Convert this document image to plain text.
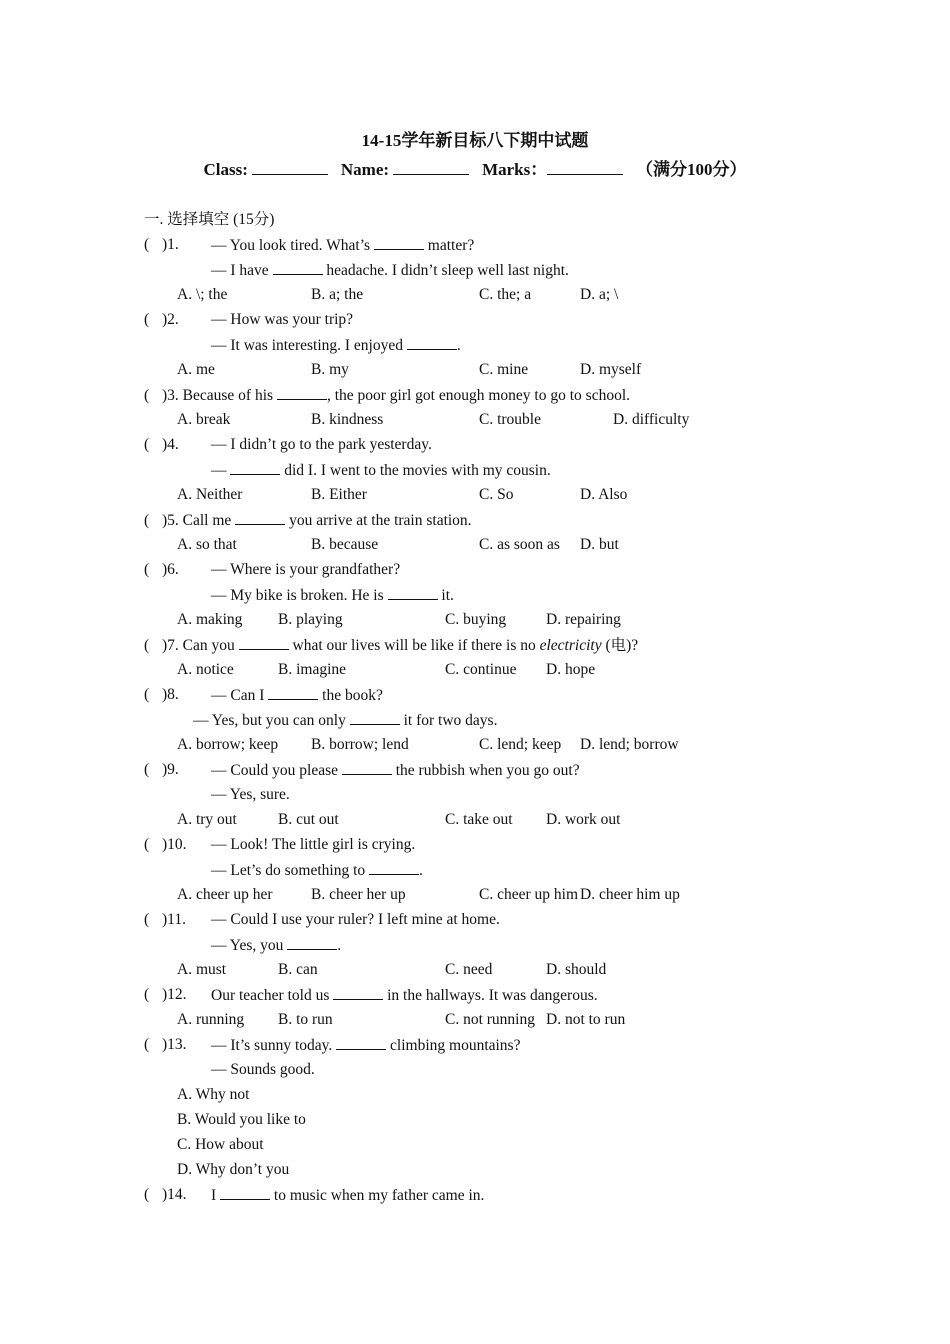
14-15学年新目标八下期中试题
Class:	Name:	Marks：	（满分100分）
一. 选择填空 (15分)
( )1. — You look tired. What’s	matter?
— I have	headache. I didn’t sleep well last night.
A. \; the	B. a; the	C. the; a	D. a; \
( )2. — How was your trip?
— It was interesting. I enjoyed	.
A. me	B. my	C. mine	D. myself
( )3. Because of his	, the poor girl got enough money to go to school.
A. break	B. kindness	C. trouble	D. difficulty
( )4. — I didn’t go to the park yesterday.
—	did I. I went to the movies with my cousin.
A. Neither	B. Either	C. So	D. Also
( )5. Call me	you arrive at the train station.
A. so that	B. because	C. as soon as D. but
( )6. — Where is your grandfather?
— My bike is broken. He is	it.
A. making B. playing	C. buying	D. repairing
( )7. Can you	what our lives will be like if there is no electricity (电)?
A. notice	B. imagine	C. continue D. hope
( )8. — Can I	the book?
— Yes, but you can only	it for two days.
A. borrow; keep B. borrow; lend	C. lend; keep D. lend; borrow
( )9. — Could you please	the rubbish when you go out?
— Yes, sure.
A. try out	B. cut out	C. take out D. work out
( )10. — Look! The little girl is crying.
— Let’s do something to	.
A. cheer up her B. cheer her up	C. cheer up him D. cheer him up
( )11. — Could I use your ruler? I left mine at home.
— Yes, you	.
A. must	B. can	C. need	D. should
( )12. Our teacher told us	in the hallways. It was dangerous.
A. running B. to run	C. not running D. not to run
( )13. — It’s sunny today.	climbing mountains?
— Sounds good.
A. Why not
B. Would you like to
C. How about
D. Why don’t you
( )14. I	to music when my father came in.
